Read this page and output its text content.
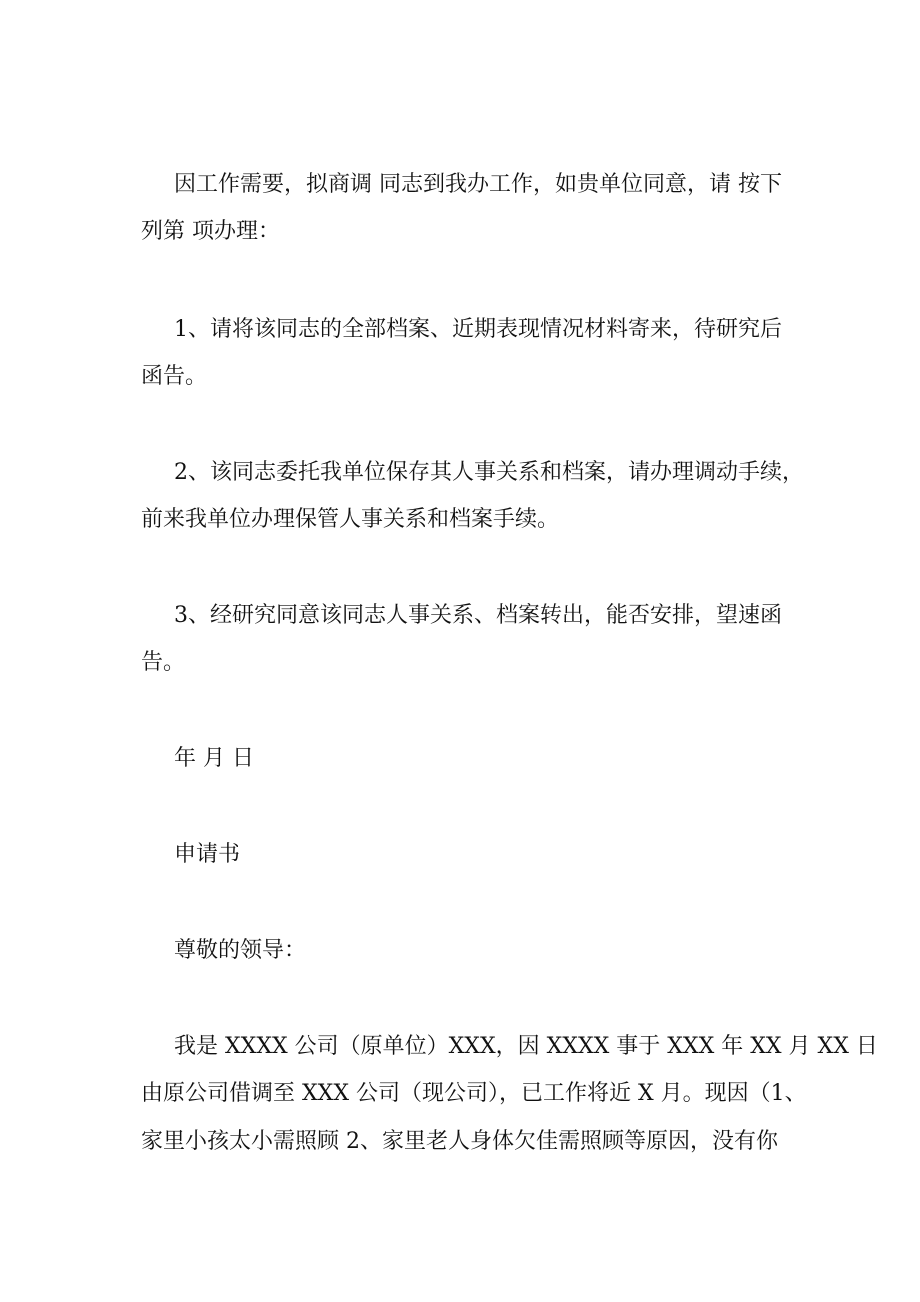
因工作需要，拟商调 同志到我办工作，如贵单位同意，请 按下
列第 项办理：
1、请将该同志的全部档案、近期表现情况材料寄来，待研究后
函告。
2、该同志委托我单位保存其人事关系和档案，请办理调动手续，
前来我单位办理保管人事关系和档案手续。
3、经研究同意该同志人事关系、档案转出，能否安排，望速函
告。
年 月 日
申请书
尊敬的领导：
我是 XXXX 公司（原单位）XXX，因 XXXX 事于 XXX 年 XX 月 XX 日
由原公司借调至 XXX 公司（现公司），已工作将近 X 月。现因（1、
家里小孩太小需照顾 2、家里老人身体欠佳需照顾等原因，没有你
